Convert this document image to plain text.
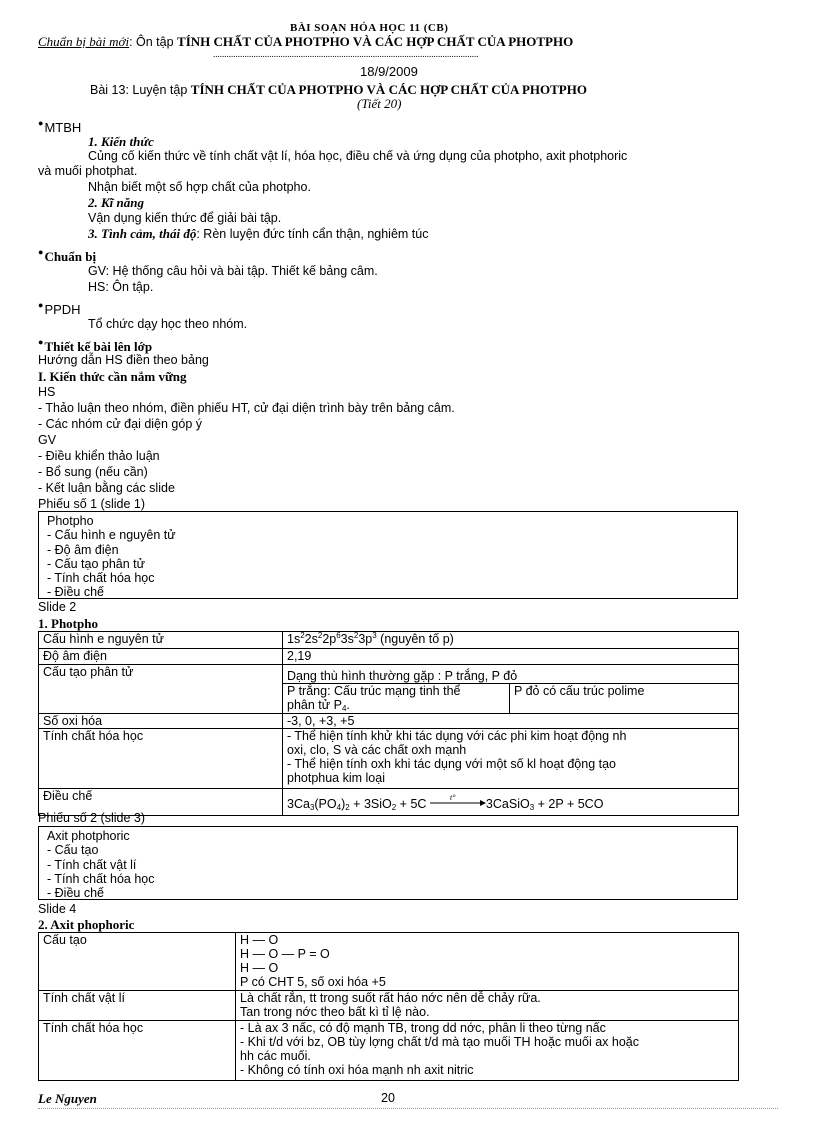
BÀI SOẠN HÓA HỌC 11 (CB)
Chuẩn bị bài mới: Ôn tập TÍNH CHẤT CỦA PHOTPHO VÀ CÁC HỢP CHẤT CỦA PHOTPHO
......................................................................................................................
18/9/2009
Bài 13: Luyện tập TÍNH CHẤT CỦA PHOTPHO VÀ CÁC HỢP CHẤT CỦA PHOTPHO
(Tiết 20)
●MTBH
1. Kiến thức
Củng cố kiến thức về tính chất vật lí, hóa học, điều chế và ứng dụng của photpho, axit photphoric
và muối photphat.
Nhận biết một số hợp chất của photpho.
2. Kĩ năng
Vận dụng kiến thức để giải bài tập.
3. Tình cảm, thái độ: Rèn luyện đức tính cẩn thận, nghiêm túc
●Chuẩn bị
GV: Hệ thống câu hỏi và bài tập. Thiết kế bảng câm.
HS: Ôn tập.
●PPDH
Tổ chức dạy học theo nhóm.
●Thiết kế bài lên lớp
Hướng dẫn HS điền theo bảng
I. Kiến thức cần nắm vững
HS
- Thảo luận theo nhóm, điền phiếu HT, cử đại diện trình bày trên bảng câm.
- Các nhóm cử đại diện góp ý
GV
- Điều khiển thảo luận
- Bổ sung (nếu cần)
- Kết luận bằng các slide
Phiếu số 1 (slide 1)
Photpho
- Cấu hình e nguyên tử
- Độ âm điện
- Cấu tạo phân tử
- Tính chất hóa học
- Điều chế
Slide 2
1. Photpho
Cấu hình e nguyên tử	$1s^22s^22p^63s^23p^3$ (nguyên tố p)	
Độ âm điện	2,19	
Cấu tạo phân tử	Dạng thù hình thường gặp : P trắng, P đỏ	

	P trắng: Cấu trúc mạng tinh thể
phân tử $P_4$.	P đỏ có cấu trúc polime
Số oxi hóa	-3, 0, +3, +5	
Tính chất hóa học	- Thể hiện tính khử khi tác dụng với các phi kim hoạt động nh
oxi, clo, S và các chất oxh mạnh
- Thể hiện tính oxh khi tác dụng với một số kl hoạt động tạo
photphua kim loại	

Điều chế	$3Ca_3(PO_4)_2 + 3SiO_2 + 5C$ t° 3CaSiO$_3$ + 2P + 5CO	
Phiếu số 2 (slide 3)
Axit photphoric
- Cấu tạo
- Tính chất vật lí
- Tính chất hóa học
- Điều chế
Slide 4
2. Axit phophoric
Cấu tạo	H — O
H — O — P = O
H — O
P có CHT 5, số oxi hóa +5

Tính chất vật lí	Là chất rắn, tt trong suốt rất háo nớc nên dễ chảy rữa.
Tan trong nớc theo bất kì tỉ lệ nào.

Tính chất hóa học	- Là ax 3 nấc, có độ mạnh TB, trong dd nớc, phân li theo từng nấc
- Khi t/d với bz, OB tùy lợng chất t/d mà tạo muối TH hoặc muối ax hoặc
hh các muối.
- Không có tính oxi hóa mạnh nh axit nitric
Le Nguyen	20
